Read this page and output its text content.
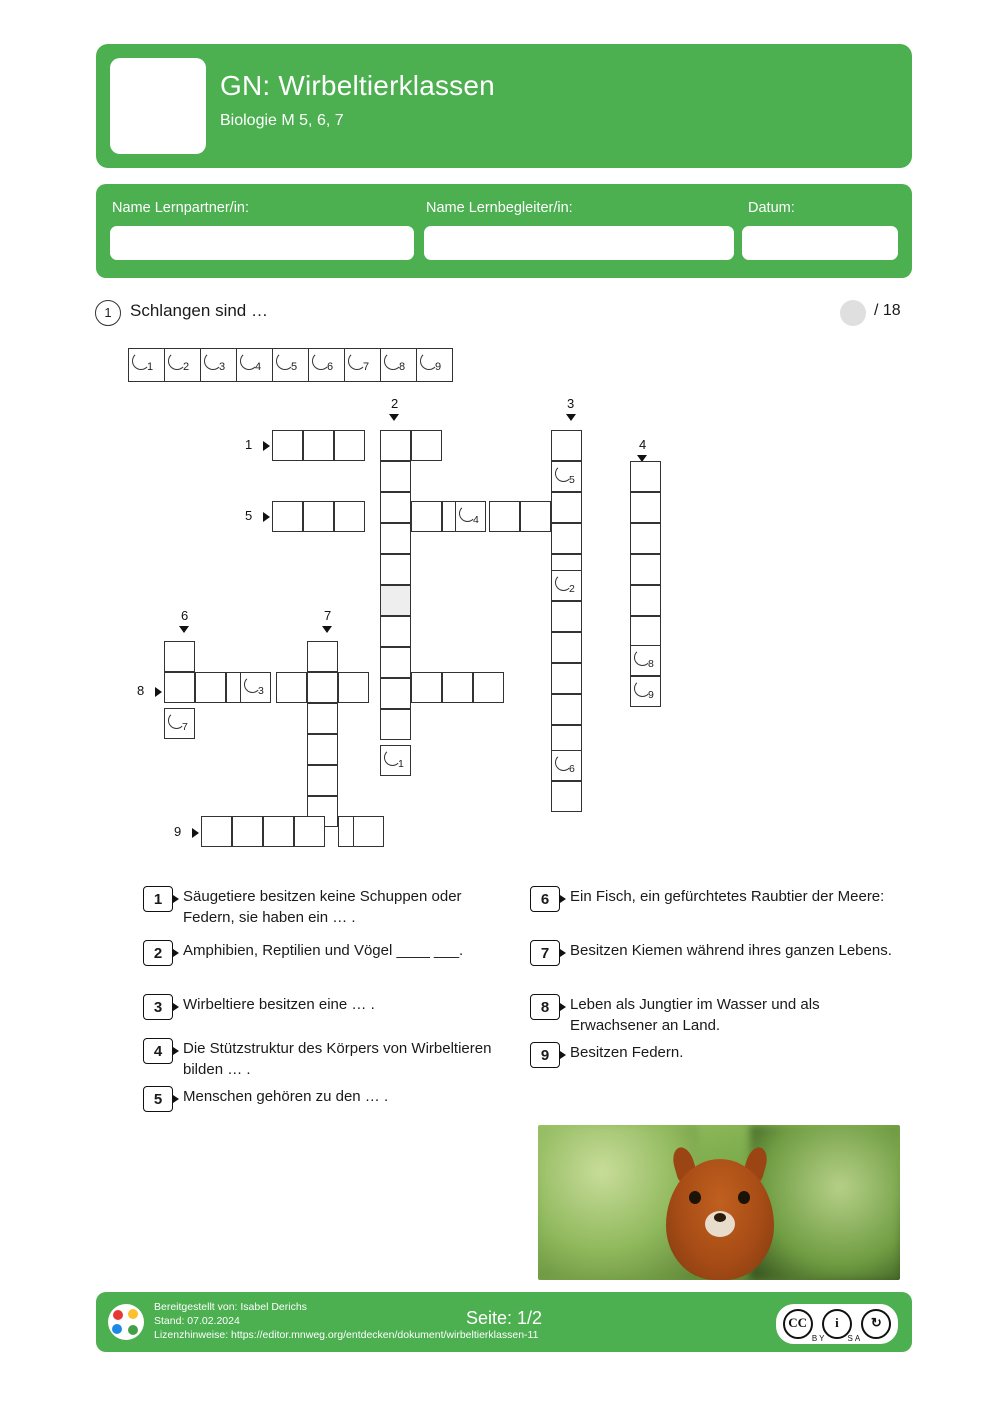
GN: Wirbeltierklassen
Biologie M 5, 6, 7
Name Lernpartner/in:	Name Lernbegleiter/in:	Datum:
1	Schlangen sind …	/ 18
1	2	3	4	5	6	7	8	9
2	3
4
1
5
6	7
8
9
5
2
6
8
9
1
4
7
3
1	Säugetiere besitzen keine Schuppen oder Federn, sie haben ein … .
2	Amphibien, Reptilien und Vögel ____ ___.
3	Wirbeltiere besitzen eine … .
4	Die Stützstruktur des Körpers von Wirbeltieren bilden … .
5	Menschen gehören zu den … .
6	Ein Fisch, ein gefürchtetes Raubtier der Meere:
7	Besitzen Kiemen während ihres ganzen Lebens.
8	Leben als Jungtier im Wasser und als Erwachsener an Land.
9	Besitzen Federn.
Bereitgestellt von: Isabel Derichs
Stand: 07.02.2024
Lizenzhinweise: https://editor.mnweg.org/entdecken/dokument/wirbeltierklassen-11
Seite: 1/2	CC	i	↻
BY	SA
